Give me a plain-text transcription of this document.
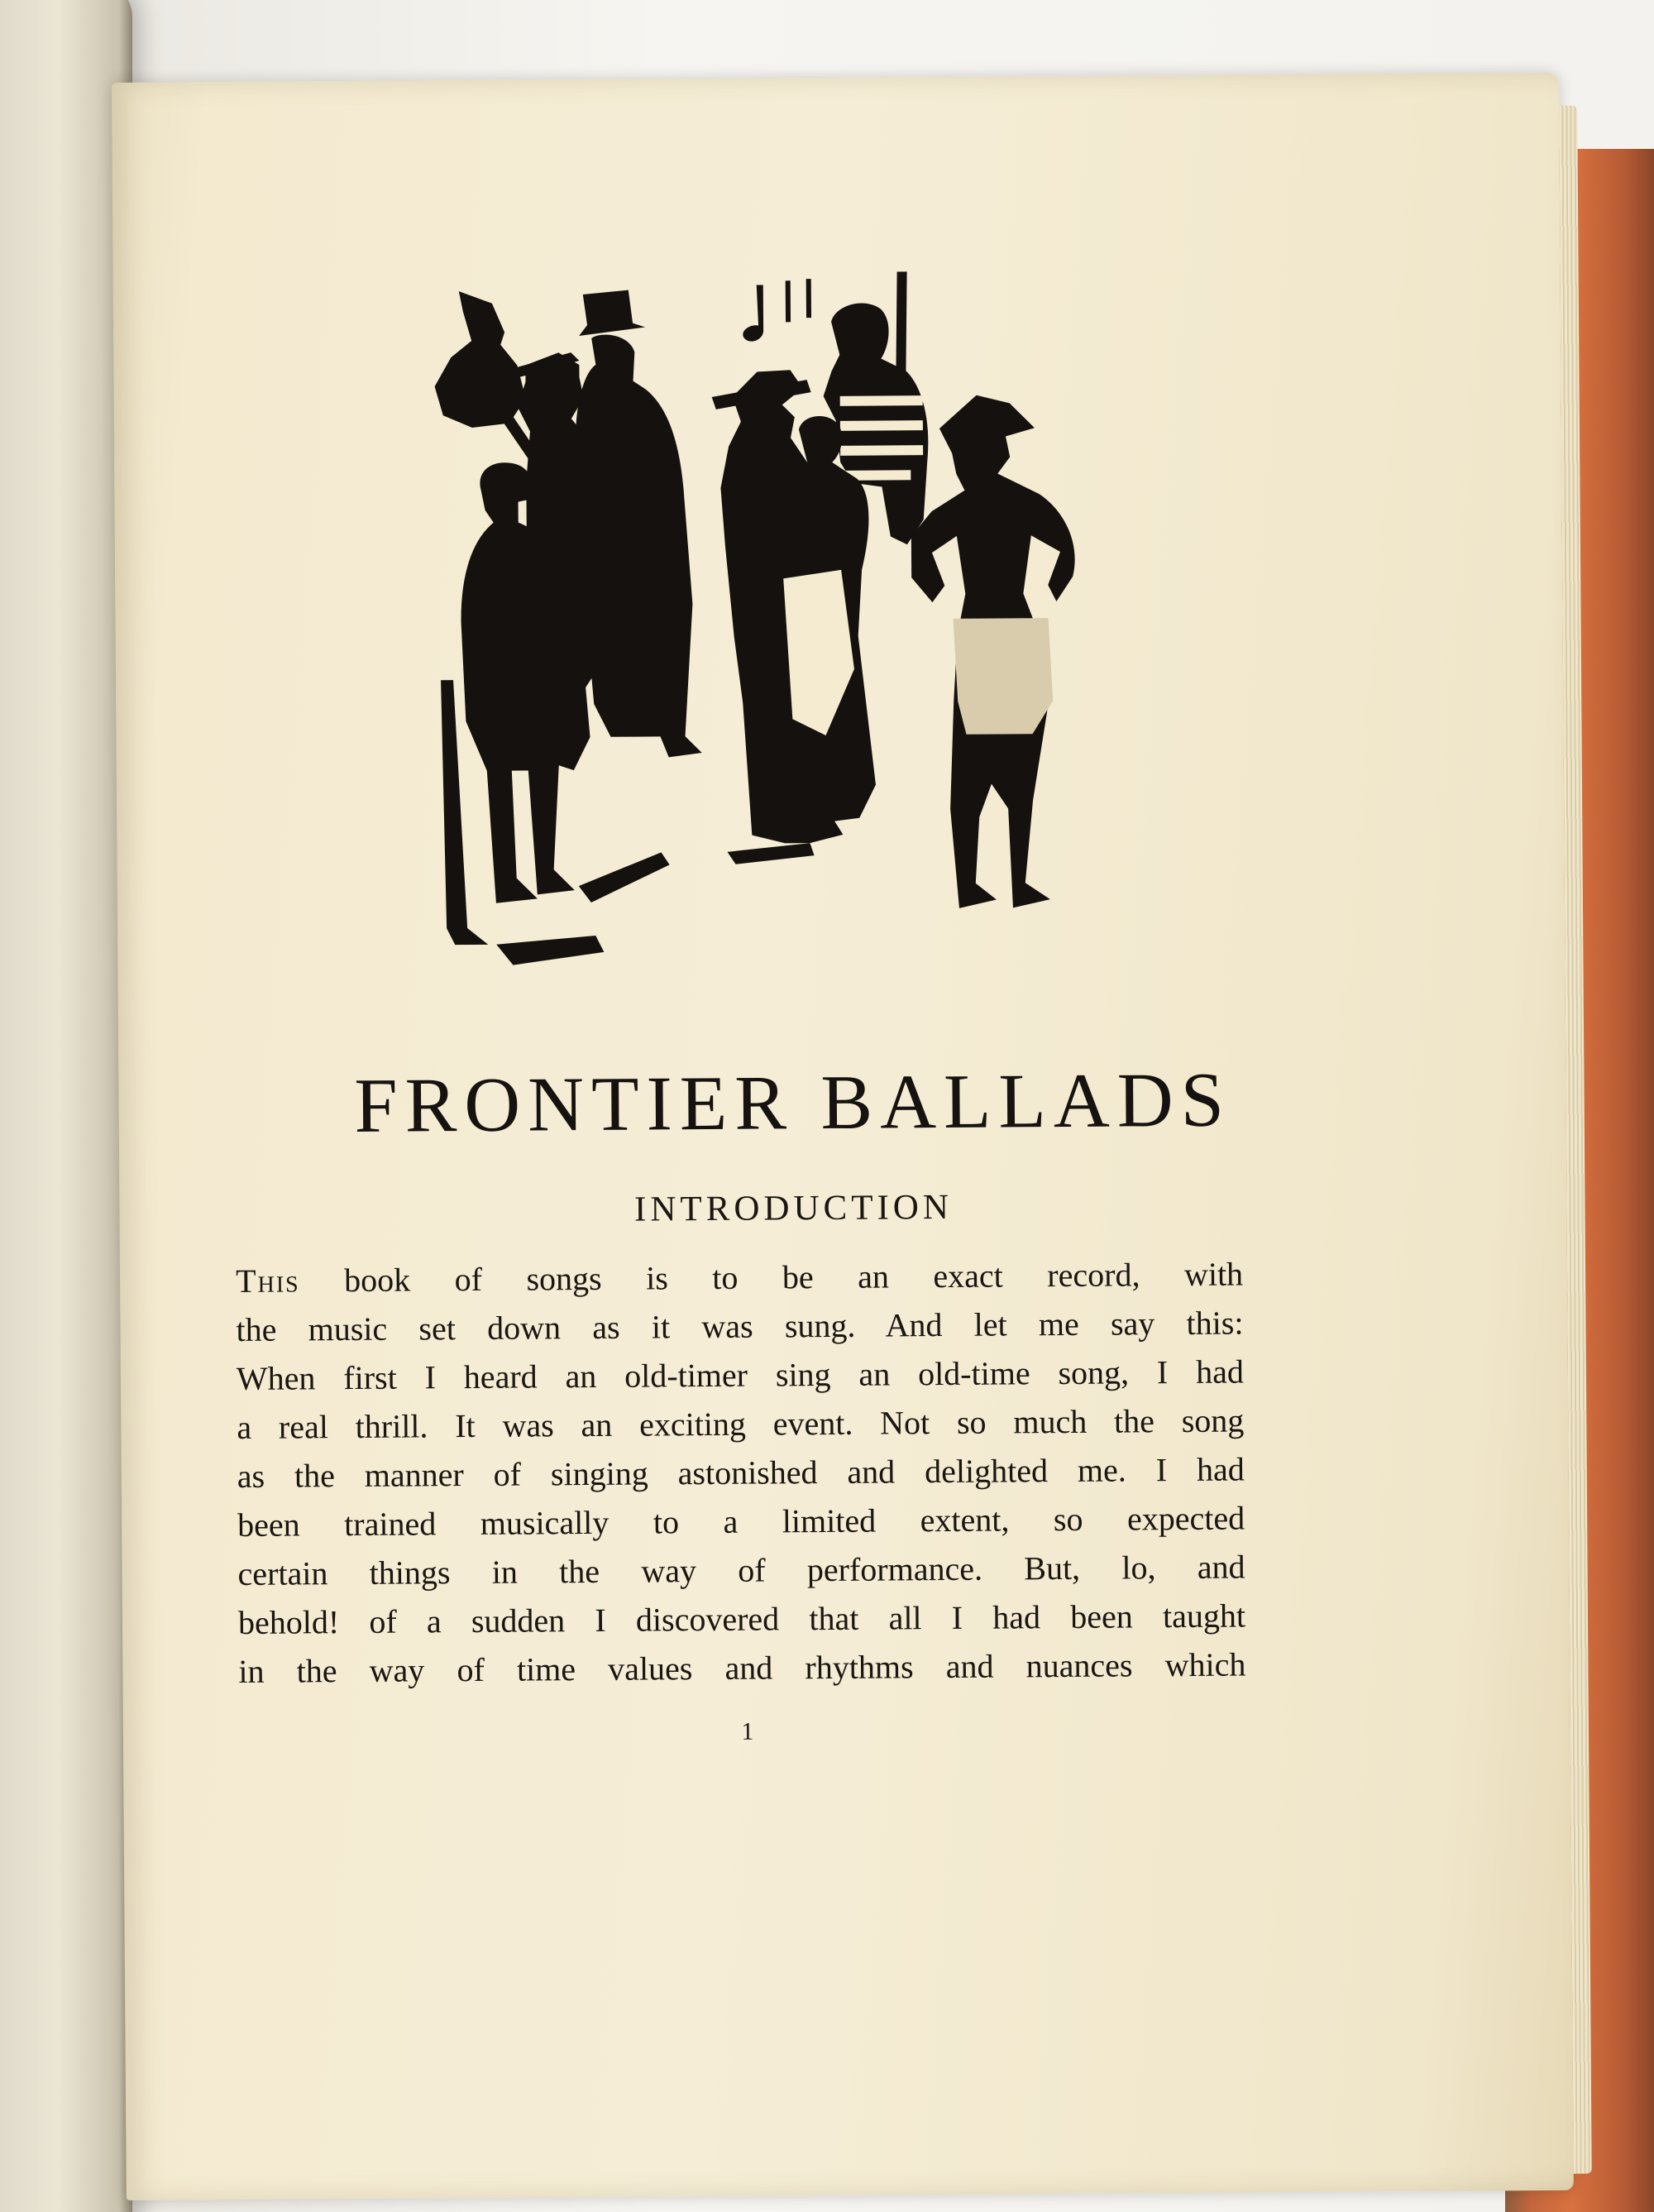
FRONTIER BALLADS
INTRODUCTION
This book of songs is to be an exact record, with
the music set down as it was sung. And let me say this:
When first I heard an old-timer sing an old-time song, I had
a real thrill. It was an exciting event. Not so much the song
as the manner of singing astonished and delighted me. I had
been trained musically to a limited extent, so expected
certain things in the way of performance. But, lo, and
behold! of a sudden I discovered that all I had been taught
in the way of time values and rhythms and nuances which
1
